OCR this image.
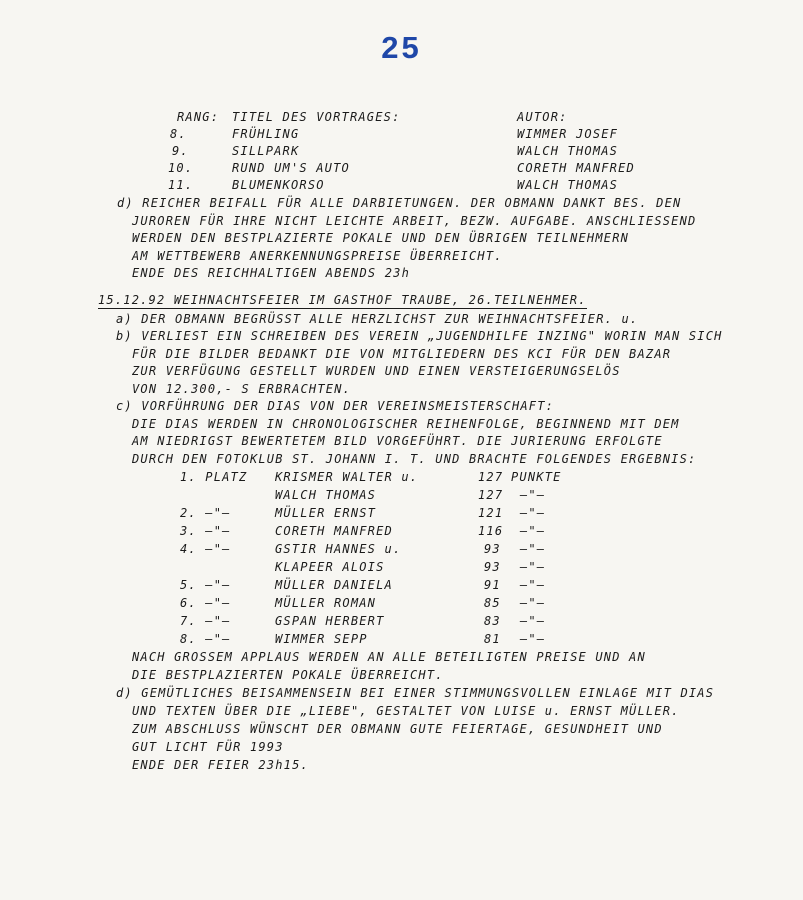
25
RANG: TITEL DES VORTRAGES:	AUTOR:
8.	FRÜHLING	WIMMER JOSEF
9.	SILLPARK	WALCH THOMAS
10.	RUND UM'S AUTO	CORETH MANFRED
11.	BLUMENKORSO	WALCH THOMAS
d) REICHER BEIFALL FÜR ALLE DARBIETUNGEN. DER OBMANN DANKT BES. DEN
JUROREN FÜR IHRE NICHT LEICHTE ARBEIT, BEZW. AUFGABE. ANSCHLIESSEND
WERDEN DEN BESTPLAZIERTE POKALE UND DEN ÜBRIGEN TEILNEHMERN
AM WETTBEWERB ANERKENNUNGSPREISE ÜBERREICHT.
ENDE DES REICHHALTIGEN ABENDS 23h
15.12.92 WEIHNACHTSFEIER IM GASTHOF TRAUBE, 26.TEILNEHMER.
a) DER OBMANN BEGRÜSST ALLE HERZLICHST ZUR WEIHNACHTSFEIER. u.
b) VERLIEST EIN SCHREIBEN DES VEREIN „JUGENDHILFE INZING" WORIN MAN SICH
FÜR DIE BILDER BEDANKT DIE VON MITGLIEDERN DES KCI FÜR DEN BAZAR
ZUR VERFÜGUNG GESTELLT WURDEN UND EINEN VERSTEIGERUNGSELÖS
VON 12.300,- S ERBRACHTEN.
c) VORFÜHRUNG DER DIAS VON DER VEREINSMEISTERSCHAFT:
DIE DIAS WERDEN IN CHRONOLOGISCHER REIHENFOLGE, BEGINNEND MIT DEM
AM NIEDRIGST BEWERTETEM BILD VORGEFÜHRT. DIE JURIERUNG ERFOLGTE
DURCH DEN FOTOKLUB ST. JOHANN I. T. UND BRACHTE FOLGENDES ERGEBNIS:
1. PLATZ KRISMER WALTER u.	127 PUNKTE
WALCH THOMAS	127 –"–
2. –"–	MÜLLER ERNST	121 –"–
3. –"–	CORETH MANFRED	116 –"–
4. –"–	GSTIR HANNES u.	93 –"–
KLAPEER ALOIS	93 –"–
5. –"–	MÜLLER DANIELA	91 –"–
6. –"–	MÜLLER ROMAN	85 –"–
7. –"–	GSPAN HERBERT	83 –"–
8. –"–	WIMMER SEPP	81 –"–
NACH GROSSEM APPLAUS WERDEN AN ALLE BETEILIGTEN PREISE UND AN
DIE BESTPLAZIERTEN POKALE ÜBERREICHT.
d) GEMÜTLICHES BEISAMMENSEIN BEI EINER STIMMUNGSVOLLEN EINLAGE MIT DIAS
UND TEXTEN ÜBER DIE „LIEBE", GESTALTET VON LUISE u. ERNST MÜLLER.
ZUM ABSCHLUSS WÜNSCHT DER OBMANN GUTE FEIERTAGE, GESUNDHEIT UND
GUT LICHT FÜR 1993
ENDE DER FEIER 23h15.
